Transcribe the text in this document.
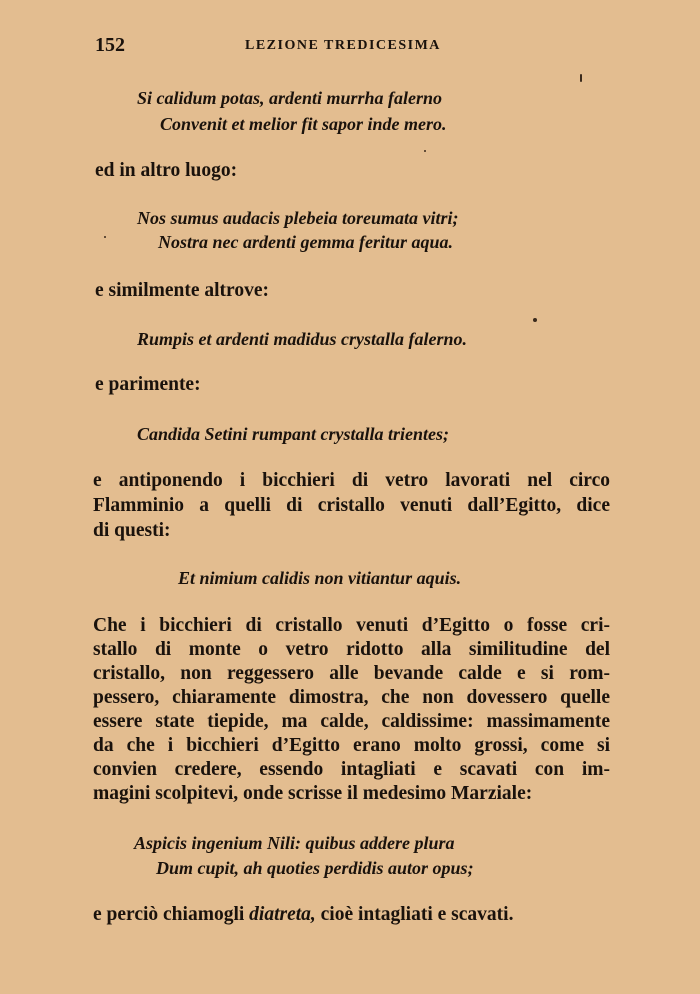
152	LEZIONE TREDICESIMA
Si calidum potas, ardenti murrha falerno
Convenit et melior fit sapor inde mero.
ed in altro luogo:
Nos sumus audacis plebeia toreumata vitri;
Nostra nec ardenti gemma feritur aqua.
e similmente altrove:
Rumpis et ardenti madidus crystalla falerno.
e parimente:
Candida Setini rumpant crystalla trientes;
e antiponendo i bicchieri di vetro lavorati nel circo
Flamminio a quelli di cristallo venuti dall’Egitto, dice
di questi:
Et nimium calidis non vitiantur aquis.
Che i bicchieri di cristallo venuti d’Egitto o fosse cri-
stallo di monte o vetro ridotto alla similitudine del
cristallo, non reggessero alle bevande calde e si rom-
pessero, chiaramente dimostra, che non dovessero quelle
essere state tiepide, ma calde, caldissime: massimamente
da che i bicchieri d’Egitto erano molto grossi, come si
convien credere, essendo intagliati e scavati con im-
magini scolpitevi, onde scrisse il medesimo Marziale:
Aspicis ingenium Nili: quibus addere plura
Dum cupit, ah quoties perdidis autor opus;
e perciò chiamogli diatreta, cioè intagliati e scavati.
